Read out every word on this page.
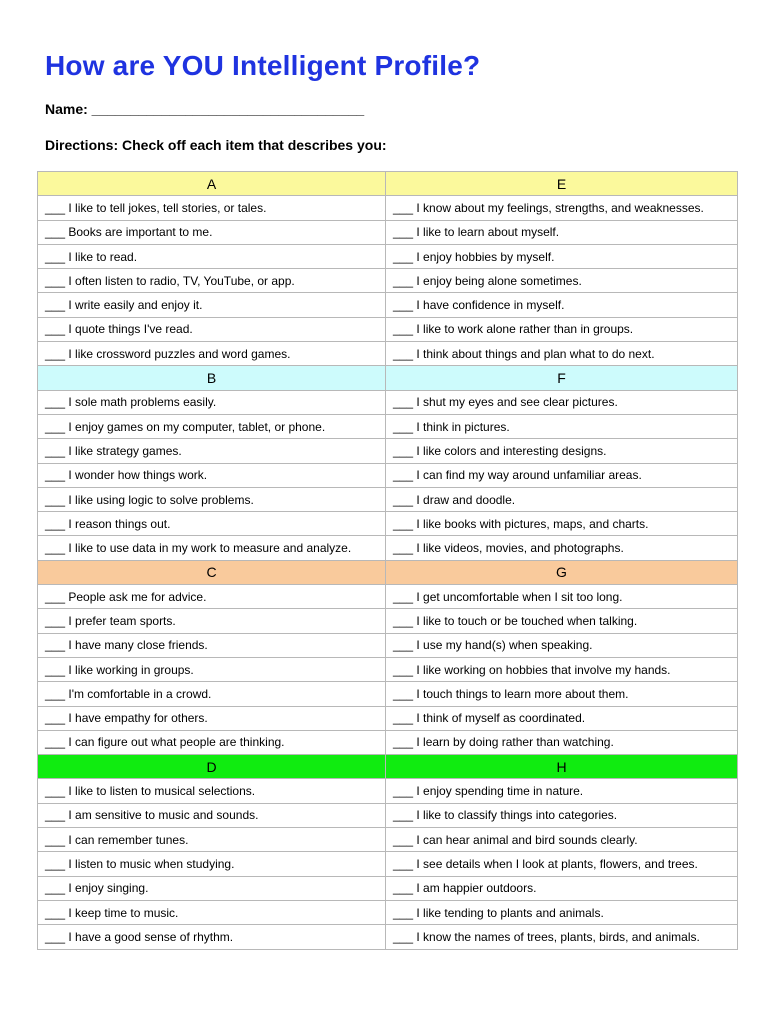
How are YOU Intelligent Profile?
Name: ___________________________________
Directions: Check off each item that describes you:
A	E
___ I like to tell jokes, tell stories, or tales.	___ I know about my feelings, strengths, and weaknesses.
___ Books are important to me.	___ I like to learn about myself.
___ I like to read.	___ I enjoy hobbies by myself.
___ I often listen to radio, TV, YouTube, or app.	___ I enjoy being alone sometimes.
___ I write easily and enjoy it.	___ I have confidence in myself.
___ I quote things I've read.	___ I like to work alone rather than in groups.
___ I like crossword puzzles and word games.	___ I think about things and plan what to do next.
B	F
___ I sole math problems easily.	___ I shut my eyes and see clear pictures.
___ I enjoy games on my computer, tablet, or phone.	___ I think in pictures.
___ I like strategy games.	___ I like colors and interesting designs.
___ I wonder how things work.	___ I can find my way around unfamiliar areas.
___ I like using logic to solve problems.	___ I draw and doodle.
___ I reason things out.	___ I like books with pictures, maps, and charts.
___ I like to use data in my work to measure and analyze.	___ I like videos, movies, and photographs.
C	G
___ People ask me for advice.	___ I get uncomfortable when I sit too long.
___ I prefer team sports.	___ I like to touch or be touched when talking.
___ I have many close friends.	___ I use my hand(s) when speaking.
___ I like working in groups.	___ I like working on hobbies that involve my hands.
___ I'm comfortable in a crowd.	___ I touch things to learn more about them.
___ I have empathy for others.	___ I think of myself as coordinated.
___ I can figure out what people are thinking.	___ I learn by doing rather than watching.
D	H
___ I like to listen to musical selections.	___ I enjoy spending time in nature.
___ I am sensitive to music and sounds.	___ I like to classify things into categories.
___ I can remember tunes.	___ I can hear animal and bird sounds clearly.
___ I listen to music when studying.	___ I see details when I look at plants, flowers, and trees.
___ I enjoy singing.	___ I am happier outdoors.
___ I keep time to music.	___ I like tending to plants and animals.
___ I have a good sense of rhythm.	___ I know the names of trees, plants, birds, and animals.
